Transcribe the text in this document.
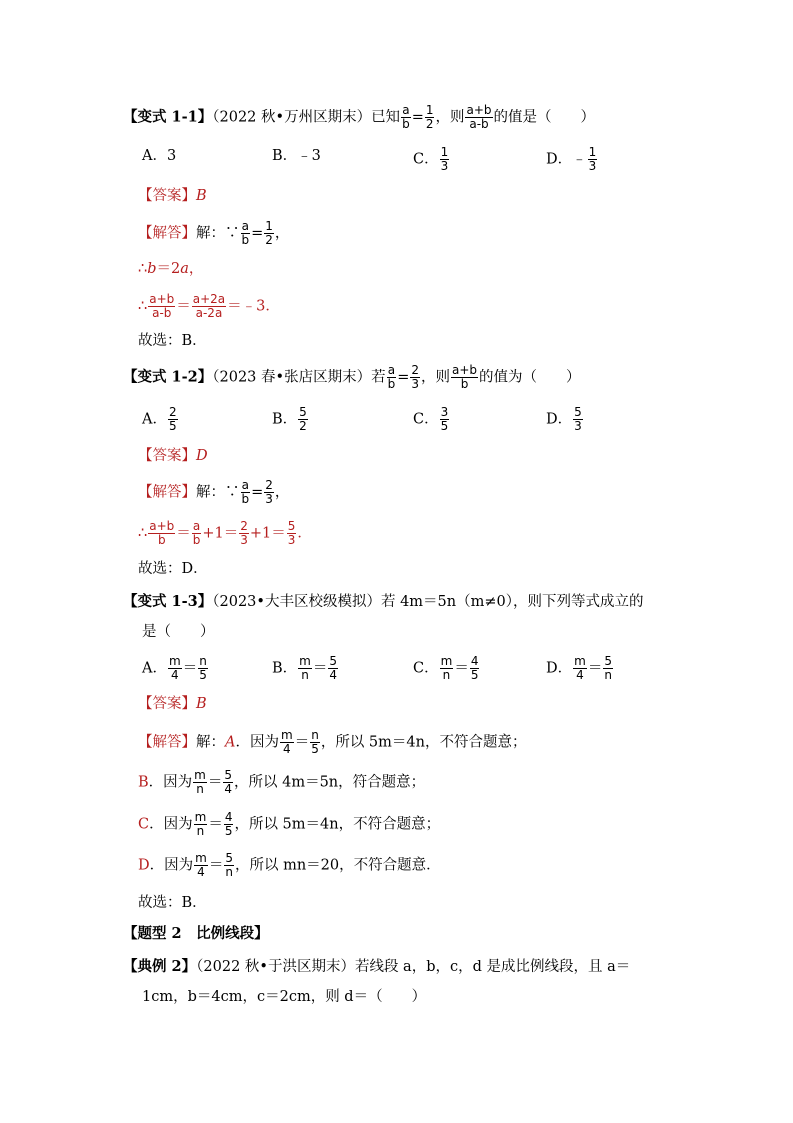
【变式 1-1】（2022 秋•万州区期末）已知 $\frac{a}{b} = \frac{1}{2}$ ，则 $\frac{a+b}{a-b}$ 的值是（　　）
A．3	B．﹣3	C． $\frac{1}{3}$	D．﹣ $\frac{1}{3}$
【答案】B
【解答】解：∵ $\frac{a}{b} = \frac{1}{2}$ ，
∴b＝2a，
∴ $\frac{a+b}{a-b} = \frac{a+2a}{a-2a}$ ＝﹣3．
故选：B．
【变式 1-2】（2023 春•张店区期末）若 $\frac{a}{b} = \frac{2}{3}$ ，则 $\frac{a+b}{b}$ 的值为（　　）
A． $\frac{2}{5}$	B． $\frac{5}{2}$	C． $\frac{3}{5}$	D． $\frac{5}{3}$
【答案】D
【解答】解：∵ $\frac{a}{b} = \frac{2}{3}$ ，
∴ $\frac{a+b}{b} = \frac{a}{b} +1= \frac{2}{3} +1= \frac{5}{3}$ ．
故选：D．
【变式 1-3】（2023•大丰区校级模拟）若 4m＝5n（m≠0），则下列等式成立的
是（　　）
A． $\frac{m}{4} = \frac{n}{5}$	B． $\frac{m}{n} = \frac{5}{4}$	C． $\frac{m}{n} = \frac{4}{5}$	D． $\frac{m}{4} = \frac{5}{n}$
【答案】B
【解答】解：A．因为 $\frac{m}{4} = \frac{n}{5}$ ，所以 5m＝4n，不符合题意；
B．因为 $\frac{m}{n} = \frac{5}{4}$ ，所以 4m＝5n，符合题意；
C．因为 $\frac{m}{n} = \frac{4}{5}$ ，所以 5m＝4n，不符合题意；
D．因为 $\frac{m}{4} = \frac{5}{n}$ ，所以 mn＝20，不符合题意．
故选：B．
【题型 2　比例线段】
【典例 2】（2022 秋•于洪区期末）若线段 a，b，c，d 是成比例线段，且 a＝
1cm，b＝4cm，c＝2cm，则 d＝（　　）
